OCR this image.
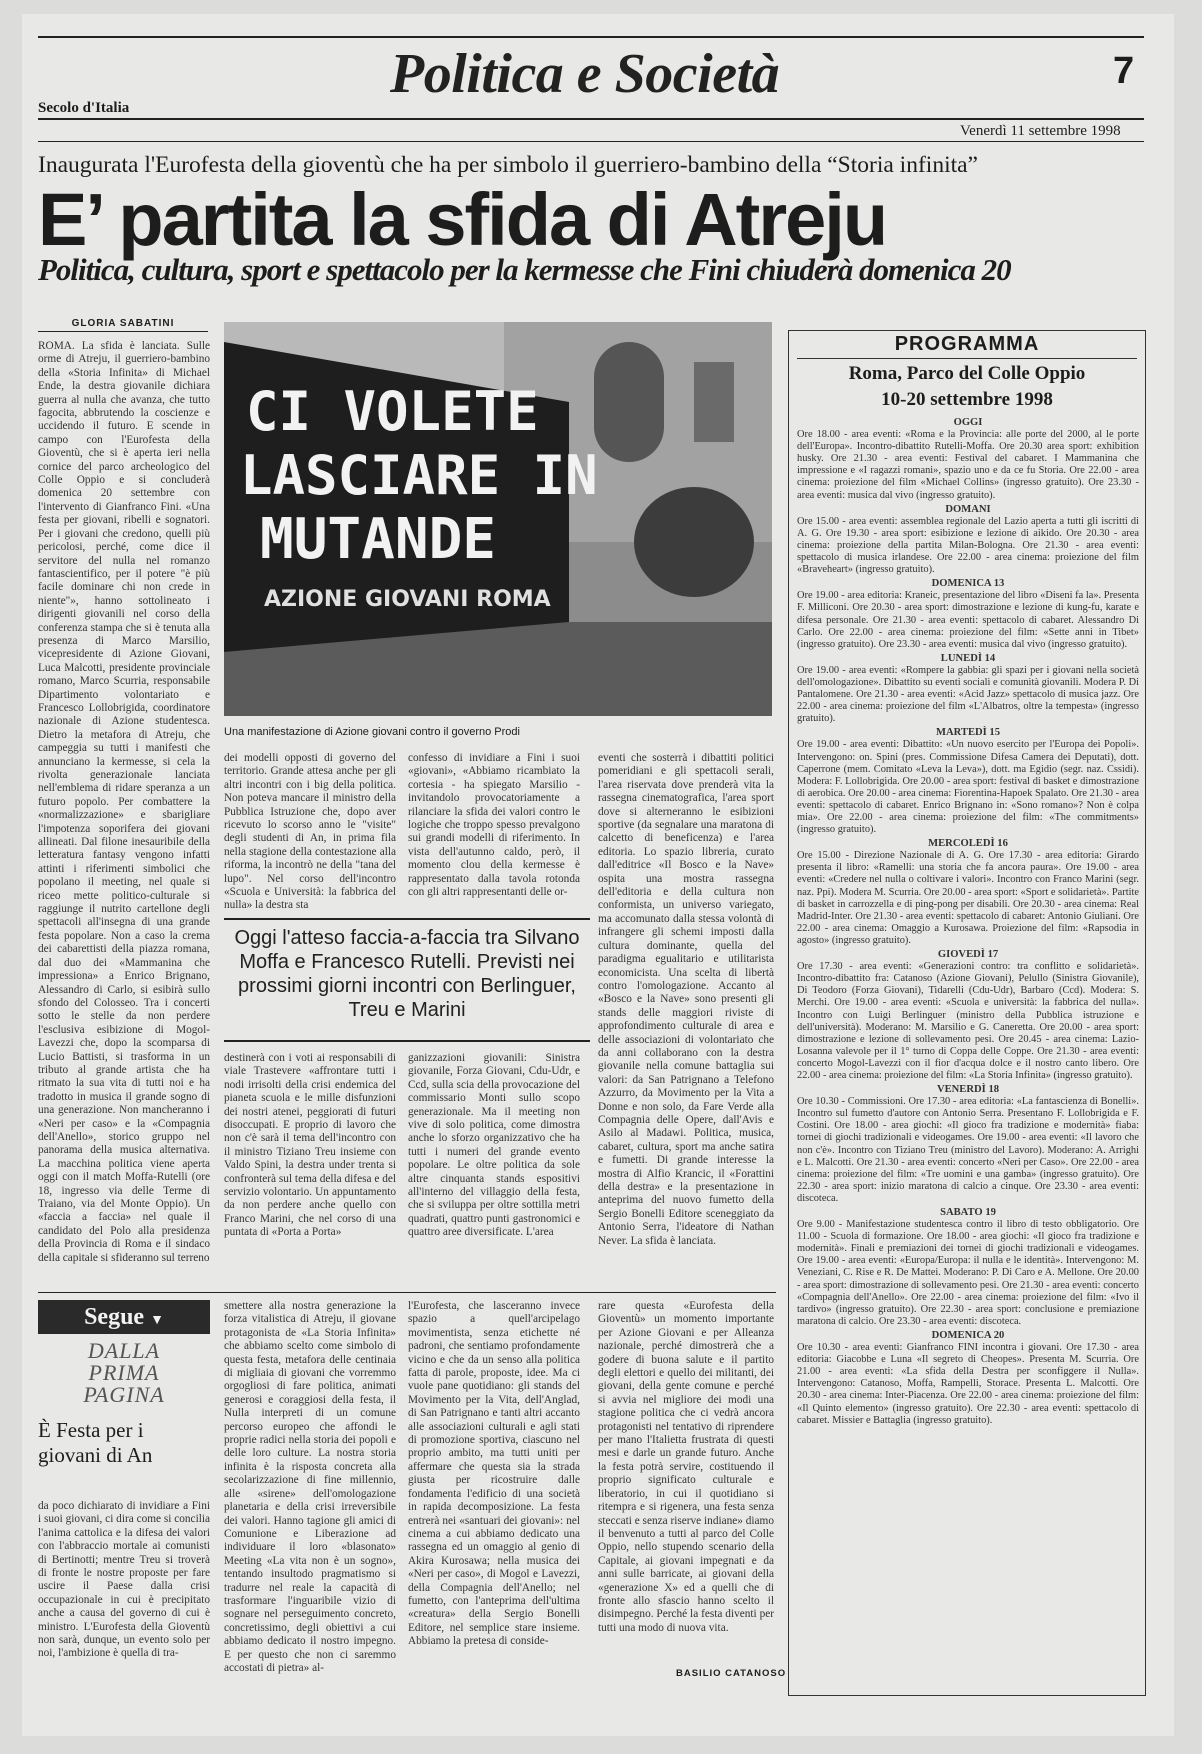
Politica e Società	7
Secolo d'Italia
Venerdì 11 settembre 1998
Inaugurata l'Eurofesta della gioventù che ha per simbolo il guerriero-bambino della “Storia infinita”
E’ partita la sfida di Atreju
Politica, cultura, sport e spettacolo per la kermesse che Fini chiuderà domenica 20
GLORIA SABATINI
ROMA. La sfida è lanciata. Sulle orme di Atreju, il guerriero-bambino della «Storia Infinita» di Michael Ende, la destra giovanile dichiara guerra al nulla che avanza, che tutto fagocita, abbrutendo la coscienze e uccidendo il futuro. E scende in campo con l'Eurofesta della Gioventù, che si è aperta ieri nella cornice del parco archeologico del Colle Oppio e si concluderà domenica 20 settembre con l'intervento di Gianfranco Fini. «Una festa per giovani, ribelli e sognatori. Per i giovani che credono, quelli più pericolosi, perché, come dice il servitore del nulla nel romanzo fantascientifico, per il potere "è più facile dominare chi non crede in niente"», hanno sottolineato i dirigenti giovanili nel corso della conferenza stampa che si è tenuta alla presenza di Marco Marsilio, vicepresidente di Azione Giovani, Luca Malcotti, presidente provinciale romano, Marco Scurria, responsabile Dipartimento volontariato e Francesco Lollobrigida, coordinatore nazionale di Azione studentesca. Dietro la metafora di Atreju, che campeggia su tutti i manifesti che annunciano la kermesse, si cela la rivolta generazionale lanciata nell'emblema di ridare speranza a un futuro popolo. Per combattere la «normalizzazione» e sbarigliare l'impotenza soporifera dei giovani allineati. Dal filone inesauribile della letteratura fantasy vengono infatti attinti i riferimenti simbolici che popolano il meeting, nel quale si riceo mette politico-culturale si raggiunge il nutrito cartellone degli spettacoli all'insegna di una grande festa popolare. Non a caso la crema dei cabarettisti della piazza romana, dal duo dei «Mammanina che impressiona» a Enrico Brignano, Alessandro di Carlo, si esibirà sullo sfondo del Colosseo. Tra i concerti sotto le stelle da non perdere l'esclusiva esibizione di Mogol-Lavezzi che, dopo la scomparsa di Lucio Battisti, si trasforma in un tributo al grande artista che ha ritmato la sua vita di tutti noi e ha tradotto in musica il grande sogno di una generazione. Non mancheranno i «Neri per caso» e la «Compagnia dell'Anello», storico gruppo nel panorama della musica alternativa. La macchina politica viene aperta oggi con il match Moffa-Rutelli (ore 18, ingresso via delle Terme di Traiano, via del Monte Oppio). Un «faccia a faccia» nel quale il candidato del Polo alla presidenza della Provincia di Roma e il sindaco della capitale si sfideranno sul terreno
CI VOLETE
LASCIARE IN
MUTANDE
AZIONE GIOVANI ROMA
Una manifestazione di Azione giovani contro il governo Prodi
dei modelli opposti di governo del territorio. Grande attesa anche per gli altri incontri con i big della politica. Non poteva mancare il ministro della Pubblica Istruzione che, dopo aver ricevuto lo scorso anno le "visite" degli studenti di An, in prima fila nella stagione della contestazione alla riforma, la incontrò ne della "tana del lupo". Nel corso dell'incontro «Scuola e Università: la fabbrica del nulla» la destra sta
confesso di invidiare a Fini i suoi «giovani», «Abbiamo ricambiato la cortesia - ha spiegato Marsilio - invitandolo provocatoriamente a rilanciare la sfida dei valori contro le logiche che troppo spesso prevalgono sui grandi modelli di riferimento. In vista dell'autunno caldo, però, il momento clou della kermesse è rappresentato dalla tavola rotonda con gli altri rappresentanti delle or-
eventi che sosterrà i dibattiti politici pomeridiani e gli spettacoli serali, l'area riservata dove prenderà vita la rassegna cinematografica, l'area sport dove si alterneranno le esibizioni sportive (da segnalare una maratona di calcetto di beneficenza) e l'area editoria. Lo spazio libreria, curato dall'editrice «Il Bosco e la Nave» ospita una mostra rassegna dell'editoria e della cultura non conformista, un universo variegato, ma accomunato dalla stessa volontà di infrangere gli schemi imposti dalla cultura dominante, quella del paradigma egualitario e utilitarista economicista. Una scelta di libertà contro l'omologazione. Accanto al «Bosco e la Nave» sono presenti gli stands delle maggiori riviste di approfondimento culturale di area e delle associazioni di volontariato che da anni collaborano con la destra giovanile nella comune battaglia sui valori: da San Patrignano a Telefono Azzurro, da Movimento per la Vita a Donne e non solo, da Fare Verde alla Compagnia delle Opere, dall'Avis e Asilo al Madawi. Politica, musica, cabaret, cultura, sport ma anche satira e fumetti. Di grande interesse la mostra di Alfio Krancic, il «Forattini della destra» e la presentazione in anteprima del nuovo fumetto della Sergio Bonelli Editore sceneggiato da Antonio Serra, l'ideatore di Nathan Never. La sfida è lanciata.
Oggi l'atteso faccia-a-faccia tra Silvano Moffa e Francesco Rutelli. Previsti nei prossimi giorni incontri con Berlinguer, Treu e Marini
destinerà con i voti ai responsabili di viale Trastevere «affrontare tutti i nodi irrisolti della crisi endemica del pianeta scuola e le mille disfunzioni dei nostri atenei, peggiorati di futuri disoccupati. E proprio di lavoro che non c'è sarà il tema dell'incontro con il ministro Tiziano Treu insieme con Valdo Spini, la destra under trenta si confronterà sul tema della difesa e del servizio volontario. Un appuntamento da non perdere anche quello con Franco Marini, che nel corso di una puntata di «Porta a Porta»
ganizzazioni giovanili: Sinistra giovanile, Forza Giovani, Cdu-Udr, e Ccd, sulla scia della provocazione del commissario Monti sullo scopo generazionale. Ma il meeting non vive di solo politica, come dimostra anche lo sforzo organizzativo che ha tutti i numeri del grande evento popolare. Le oltre politica da sole altre cinquanta stands espositivi all'interno del villaggio della festa, che si sviluppa per oltre sottilla metri quadrati, quattro punti gastronomici e quattro aree diversificate. L'area
Segue ▼
DALLA
PRIMA
PAGINA
È Festa per i giovani di An
da poco dichiarato di invidiare a Fini i suoi giovani, ci dira come si concilia l'anima cattolica e la difesa dei valori con l'abbraccio mortale ai comunisti di Bertinotti; mentre Treu si troverà di fronte le nostre proposte per fare uscire il Paese dalla crisi occupazionale in cui è precipitato anche a causa del governo di cui è ministro. L'Eurofesta della Gioventù non sarà, dunque, un evento solo per noi, l'ambizione è quella di tra-
smettere alla nostra generazione la forza vitalistica di Atreju, il giovane protagonista de «La Storia Infinita» che abbiamo scelto come simbolo di questa festa, metafora delle centinaia di migliaia di giovani che vorremmo orgogliosi di fare politica, animati generosi e coraggiosi della festa, il Nulla interpreti di un comune percorso europeo che affondi le proprie radici nella storia dei popoli e delle loro culture. La nostra storia infinita è la risposta concreta alla secolarizzazione di fine millennio, alle «sirene» dell'omologazione planetaria e della crisi irreversibile dei valori. Hanno tagione gli amici di Comunione e Liberazione ad individuare il loro «blasonato» Meeting «La vita non è un sogno», tentando insultodo pragmatismo si tradurre nel reale la capacità di trasformare l'inguaribile vizio di sognare nel perseguimento concreto, concretissimo, degli obiettivi a cui abbiamo dedicato il nostro impegno. E per questo che non ci saremmo accostati di pietra» al-
l'Eurofesta, che lasceranno invece spazio a quell'arcipelago movimentista, senza etichette né padroni, che sentiamo profondamente vicino e che da un senso alla politica fatta di parole, proposte, idee. Ma ci vuole pane quotidiano: gli stands del Movimento per la Vita, dell'Anglad, di San Patrignano e tanti altri accanto alle associazioni culturali e agli stati di promozione sportiva, ciascuno nel proprio ambito, ma tutti uniti per affermare che questa sia la strada giusta per ricostruire dalle fondamenta l'edificio di una società in rapida decomposizione. La festa entrerà nei «santuari dei giovani»: nel cinema a cui abbiamo dedicato una rassegna ed un omaggio al genio di Akira Kurosawa; nella musica dei «Neri per caso», di Mogol e Lavezzi, della Compagnia dell'Anello; nel fumetto, con l'anteprima dell'ultima «creatura» della Sergio Bonelli Editore, nel semplice stare insieme. Abbiamo la pretesa di conside-
rare questa «Eurofesta della Gioventù» un momento importante per Azione Giovani e per Alleanza nazionale, perché dimostrerà che a godere di buona salute e il partito degli elettori e quello dei militanti, dei giovani, della gente comune e perché si avvia nel migliore dei modi una stagione politica che ci vedrà ancora protagonisti nel tentativo di riprendere per mano l'Italietta frustrata di questi mesi e darle un grande futuro. Anche la festa potrà servire, costituendo il proprio significato culturale e liberatorio, in cui il quotidiano si ritempra e si rigenera, una festa senza steccati e senza riserve indiane» diamo il benvenuto a tutti al parco del Colle Oppio, nello stupendo scenario della Capitale, ai giovani impegnati e da anni sulle barricate, ai giovani della «generazione X» ed a quelli che di fronte allo sfascio hanno scelto il disimpegno. Perché la festa diventi per tutti una modo di nuova vita.
BASILIO CATANOSO
PROGRAMMA
Roma, Parco del Colle Oppio
10-20 settembre 1998
OGGI
Ore 18.00 - area eventi: «Roma e la Provincia: alle porte del 2000, al le porte dell'Europa». Incontro-dibattito Rutelli-Moffa. Ore 20.30 area sport: exhibition husky. Ore 21.30 - area eventi: Festival del cabaret. I Mammanina che impressione e «I ragazzi romani», spazio uno e da ce fu Storia. Ore 22.00 - area cinema: proiezione del film «Michael Collins» (ingresso gratuito). Ore 23.30 - area eventi: musica dal vivo (ingresso gratuito).
DOMANI
Ore 15.00 - area eventi: assemblea regionale del Lazio aperta a tutti gli iscritti di A. G. Ore 19.30 - area sport: esibizione e lezione di aikido. Ore 20.30 - area cinema: proiezione della partita Milan-Bologna. Ore 21.30 - area eventi: spettacolo di musica irlandese. Ore 22.00 - area cinema: proiezione del film «Braveheart» (ingresso gratuito).
DOMENICA 13
Ore 19.00 - area editoria: Kraneic, presentazione del libro «Diseni fa la». Presenta F. Milliconi. Ore 20.30 - area sport: dimostrazione e lezione di kung-fu, karate e difesa personale. Ore 21.30 - area eventi: spettacolo di cabaret. Alessandro Di Carlo. Ore 22.00 - area cinema: proiezione del film: «Sette anni in Tibet» (ingresso gratuito). Ore 23.30 - area eventi: musica dal vivo (ingresso gratuito).
LUNEDÌ 14
Ore 19.00 - area eventi: «Rompere la gabbia: gli spazi per i giovani nella società dell'omologazione». Dibattito su eventi sociali e comunità giovanili. Modera P. Di Pantalomene. Ore 21.30 - area eventi: «Acid Jazz» spettacolo di musica jazz. Ore 22.00 - area cinema: proiezione del film «L'Albatros, oltre la tempesta» (ingresso gratuito).
MARTEDÌ 15
Ore 19.00 - area eventi: Dibattito: «Un nuovo esercito per l'Europa dei Popoli». Intervengono: on. Spini (pres. Commissione Difesa Camera dei Deputati), dott. Caperrone (mem. Comitato «Leva la Leva»), dott. ma Egidio (segr. naz. Cssidi). Modera: F. Lollobrigida. Ore 20.00 - area sport: festival di basket e dimostrazione di aerobica. Ore 20.00 - area cinema: Fiorentina-Hapoek Spalato. Ore 21.30 - area eventi: spettacolo di cabaret. Enrico Brignano in: «Sono romano»? Non è colpa mia». Ore 22.00 - area cinema: proiezione del film: «The commitments» (ingresso gratuito).
MERCOLEDÌ 16
Ore 15.00 - Direzione Nazionale di A. G. Ore 17.30 - area editoria: Girardo presenta il libro: «Ramelli: una storia che fa ancora paura». Ore 19.00 - area eventi: «Credere nel nulla o coltivare i valori». Incontro con Franco Marini (segr. naz. Ppi). Modera M. Scurria. Ore 20.00 - area sport: «Sport e solidarietà». Partite di basket in carrozzella e di ping-pong per disabili. Ore 20.30 - area cinema: Real Madrid-Inter. Ore 21.30 - area eventi: spettacolo di cabaret: Antonio Giuliani. Ore 22.00 - area cinema: Omaggio a Kurosawa. Proiezione del film: «Rapsodia in agosto» (ingresso gratuito).
GIOVEDÌ 17
Ore 17.30 - area eventi: «Generazioni contro: tra conflitto e solidarietà». Incontro-dibattito fra: Catanoso (Azione Giovani), Pelullo (Sinistra Giovanile), Di Teodoro (Forza Giovani), Tidarelli (Cdu-Udr), Barbaro (Ccd). Modera: S. Merchi. Ore 19.00 - area eventi: «Scuola e università: la fabbrica del nulla». Incontro con Luigi Berlinguer (ministro della Pubblica istruzione e dell'università). Moderano: M. Marsilio e G. Caneretta. Ore 20.00 - area sport: dimostrazione e lezione di sollevamento pesi. Ore 20.45 - area cinema: Lazio-Losanna valevole per il 1° turno di Coppa delle Coppe. Ore 21.30 - area eventi: concerto Mogol-Lavezzi con il fior d'acqua dolce e il nostro canto libero. Ore 22.00 - area cinema: proiezione del film: «La Storia Infinita» (ingresso gratuito).
VENERDÌ 18
Ore 10.30 - Commissioni. Ore 17.30 - area editoria: «La fantascienza di Bonelli». Incontro sul fumetto d'autore con Antonio Serra. Presentano F. Lollobrigida e F. Costini. Ore 18.00 - area giochi: «Il gioco fra tradizione e modernità» fiaba: tornei di giochi tradizionali e videogames. Ore 19.00 - area eventi: «Il lavoro che non c'è». Incontro con Tiziano Treu (ministro del Lavoro). Moderano: A. Arrighi e L. Malcotti. Ore 21.30 - area eventi: concerto «Neri per Caso». Ore 22.00 - area cinema: proiezione del film: «Tre uomini e una gamba» (ingresso gratuito). Ore 22.30 - area sport: inizio maratona di calcio a cinque. Ore 23.30 - area eventi: discoteca.
SABATO 19
Ore 9.00 - Manifestazione studentesca contro il libro di testo obbligatorio. Ore 11.00 - Scuola di formazione. Ore 18.00 - area giochi: «Il gioco fra tradizione e modernità». Finali e premiazioni dei tornei di giochi tradizionali e videogames. Ore 19.00 - area eventi: «Europa/Europa: il nulla e le identità». Intervengono: M. Veneziani, C. Rise e R. De Mattei. Moderano: P. Di Caro e A. Mellone. Ore 20.00 - area sport: dimostrazione di sollevamento pesi. Ore 21.30 - area eventi: concerto «Compagnia dell'Anello». Ore 22.00 - area cinema: proiezione del film: «Ivo il tardivo» (ingresso gratuito). Ore 22.30 - area sport: conclusione e premiazione maratona di calcio. Ore 23.30 - area eventi: discoteca.
DOMENICA 20
Ore 10.30 - area eventi: Gianfranco FINI incontra i giovani. Ore 17.30 - area editoria: Giacobbe e Luna «Il segreto di Cheopes». Presenta M. Scurria. Ore 21.00 - area eventi: «La sfida della Destra per sconfiggere il Nulla». Intervengono: Catanoso, Moffa, Rampelli, Storace. Presenta L. Malcotti. Ore 20.30 - area cinema: Inter-Piacenza. Ore 22.00 - area cinema: proiezione del film: «Il Quinto elemento» (ingresso gratuito). Ore 22.30 - area eventi: spettacolo di cabaret. Missier e Battaglia (ingresso gratuito).
